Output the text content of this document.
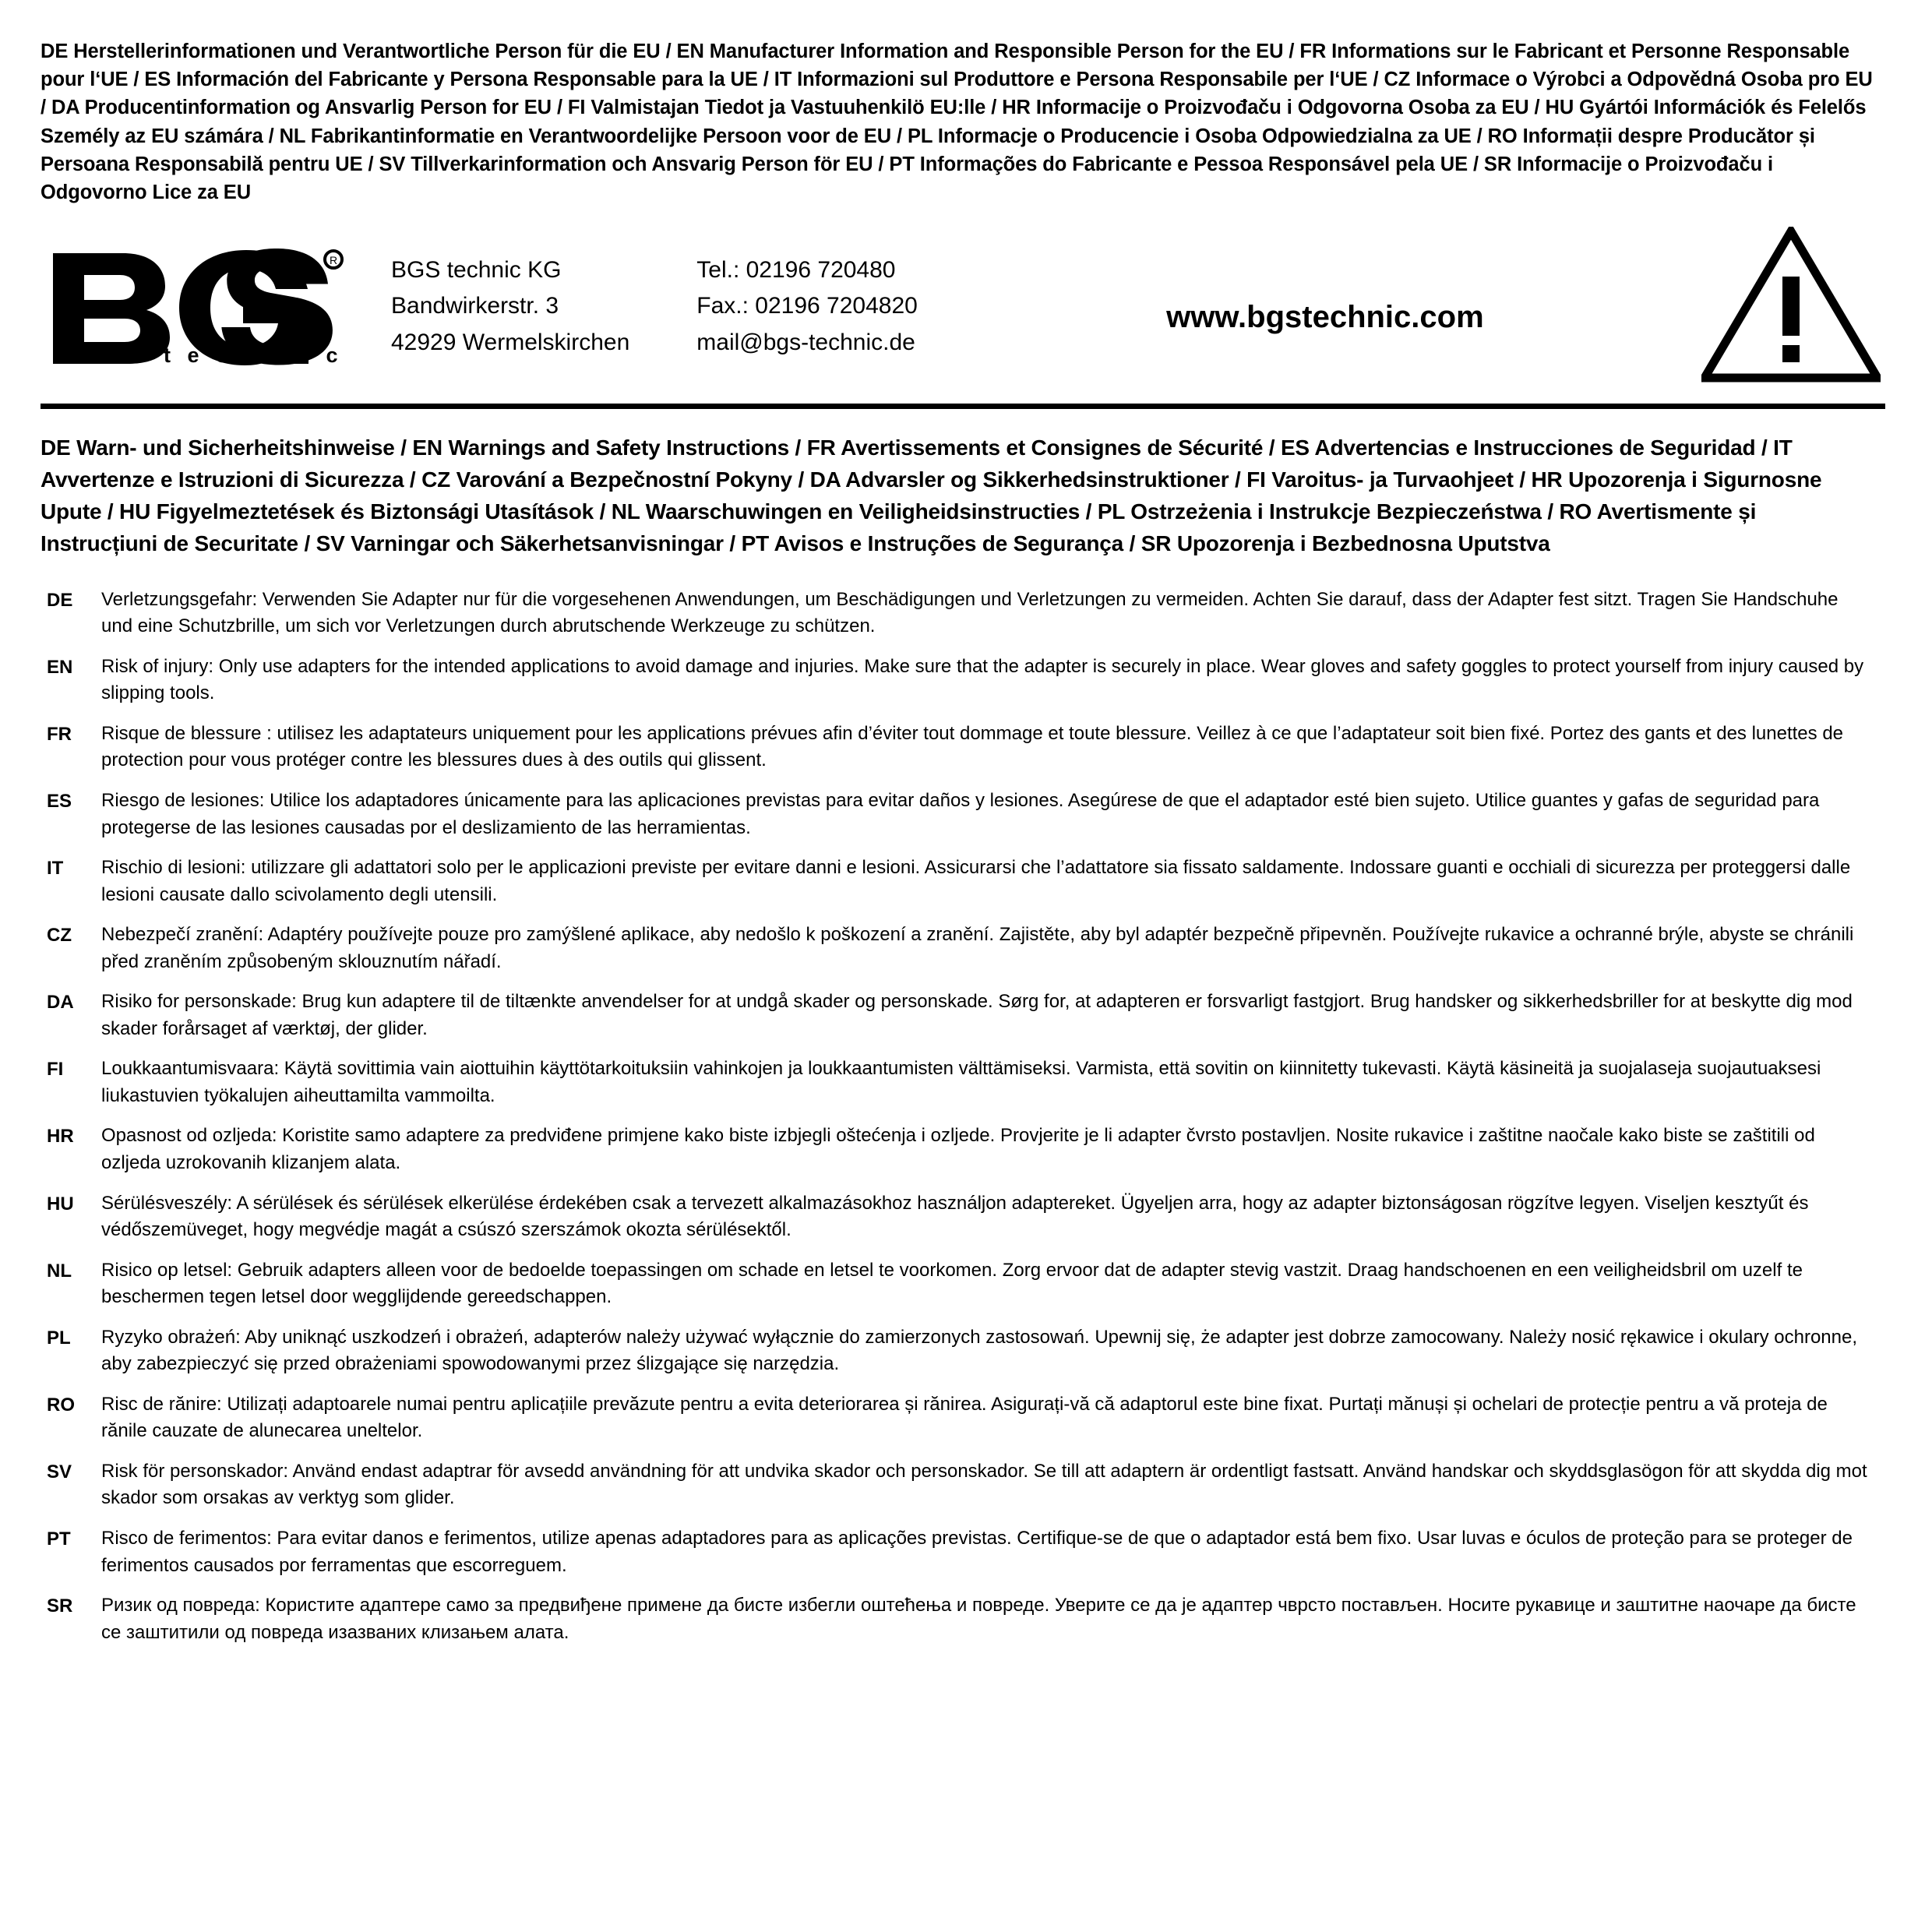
DE Herstellerinformationen und Verantwortliche Person für die EU / EN Manufacturer Information and Responsible Person for the EU / FR Informations sur le Fabricant et Personne Responsable pour l‘UE / ES Información del Fabricante y Persona Responsable para la UE / IT Informazioni sul Produttore e Persona Responsabile per l‘UE / CZ Informace o Výrobci a Odpovědná Osoba pro EU / DA Producentinformation og Ansvarlig Person for EU / FI Valmistajan Tiedot ja Vastuuhenkilö EU:lle / HR Informacije o Proizvođaču i Odgovorna Osoba za EU / HU Gyártói Információk és Felelős Személy az EU számára / NL Fabrikantinformatie en Verantwoordelijke Persoon voor de EU / PL Informacje o Producencie i Osoba Odpowiedzialna za UE / RO Informații despre Producător și Persoana Responsabilă pentru UE / SV Tillverkarinformation och Ansvarig Person för EU / PT Informações do Fabricante e Pessoa Responsável pela UE / SR Informacije o Proizvođaču i Odgovorno Lice za EU
R
t e c h n i c
BGS technic KG
Bandwirkerstr. 3
42929 Wermelskirchen
Tel.: 02196 720480
Fax.: 02196 7204820
mail@bgs-technic.de
www.bgstechnic.com
DE Warn- und Sicherheitshinweise / EN Warnings and Safety Instructions / FR Avertissements et Consignes de Sécurité / ES Advertencias e Instrucciones de Seguridad / IT Avvertenze e Istruzioni di Sicurezza / CZ Varování a Bezpečnostní Pokyny / DA Advarsler og Sikkerhedsinstruktioner / FI Varoitus- ja Turvaohjeet / HR Upozorenja i Sigurnosne Upute / HU Figyelmeztetések és Biztonsági Utasítások / NL Waarschuwingen en Veiligheidsinstructies / PL Ostrzeżenia i Instrukcje Bezpieczeństwa / RO Avertismente și Instrucțiuni de Securitate / SV Varningar och Säkerhetsanvisningar / PT Avisos e Instruções de Segurança / SR Upozorenja i Bezbednosna Uputstva
DE	Verletzungsgefahr: Verwenden Sie Adapter nur für die vorgesehenen Anwendungen, um Beschädigungen und Verletzungen zu vermeiden. Achten Sie darauf, dass der Adapter fest sitzt. Tragen Sie Handschuhe und eine Schutzbrille, um sich vor Verletzungen durch abrutschende Werkzeuge zu schützen.
EN	Risk of injury: Only use adapters for the intended applications to avoid damage and injuries. Make sure that the adapter is securely in place. Wear gloves and safety goggles to protect yourself from injury caused by slipping tools.
FR	Risque de blessure : utilisez les adaptateurs uniquement pour les applications prévues afin d’éviter tout dommage et toute blessure. Veillez à ce que l’adaptateur soit bien fixé. Portez des gants et des lunettes de protection pour vous protéger contre les blessures dues à des outils qui glissent.
ES	Riesgo de lesiones: Utilice los adaptadores únicamente para las aplicaciones previstas para evitar daños y lesiones. Asegúrese de que el adaptador esté bien sujeto. Utilice guantes y gafas de seguridad para protegerse de las lesiones causadas por el deslizamiento de las herramientas.
IT	Rischio di lesioni: utilizzare gli adattatori solo per le applicazioni previste per evitare danni e lesioni. Assicurarsi che l’adattatore sia fissato saldamente. Indossare guanti e occhiali di sicurezza per proteggersi dalle lesioni causate dallo scivolamento degli utensili.
CZ	Nebezpečí zranění: Adaptéry používejte pouze pro zamýšlené aplikace, aby nedošlo k poškození a zranění. Zajistěte, aby byl adaptér bezpečně připevněn. Používejte rukavice a ochranné brýle, abyste se chránili před zraněním způsobeným sklouznutím nářadí.
DA	Risiko for personskade: Brug kun adaptere til de tiltænkte anvendelser for at undgå skader og personskade. Sørg for, at adapteren er forsvarligt fastgjort. Brug handsker og sikkerhedsbriller for at beskytte dig mod skader forårsaget af værktøj, der glider.
FI	Loukkaantumisvaara: Käytä sovittimia vain aiottuihin käyttötarkoituksiin vahinkojen ja loukkaantumisten välttämiseksi. Varmista, että sovitin on kiinnitetty tukevasti. Käytä käsineitä ja suojalaseja suojautuaksesi liukastuvien työkalujen aiheuttamilta vammoilta.
HR	Opasnost od ozljeda: Koristite samo adaptere za predviđene primjene kako biste izbjegli oštećenja i ozljede. Provjerite je li adapter čvrsto postavljen. Nosite rukavice i zaštitne naočale kako biste se zaštitili od ozljeda uzrokovanih klizanjem alata.
HU	Sérülésveszély: A sérülések és sérülések elkerülése érdekében csak a tervezett alkalmazásokhoz használjon adaptereket. Ügyeljen arra, hogy az adapter biztonságosan rögzítve legyen. Viseljen kesztyűt és védőszemüveget, hogy megvédje magát a csúszó szerszámok okozta sérülésektől.
NL	Risico op letsel: Gebruik adapters alleen voor de bedoelde toepassingen om schade en letsel te voorkomen. Zorg ervoor dat de adapter stevig vastzit. Draag handschoenen en een veiligheidsbril om uzelf te beschermen tegen letsel door wegglijdende gereedschappen.
PL	Ryzyko obrażeń: Aby uniknąć uszkodzeń i obrażeń, adapterów należy używać wyłącznie do zamierzonych zastosowań. Upewnij się, że adapter jest dobrze zamocowany. Należy nosić rękawice i okulary ochronne, aby zabezpieczyć się przed obrażeniami spowodowanymi przez ślizgające się narzędzia.
RO	Risc de rănire: Utilizați adaptoarele numai pentru aplicațiile prevăzute pentru a evita deteriorarea și rănirea. Asigurați-vă că adaptorul este bine fixat. Purtați mănuși și ochelari de protecție pentru a vă proteja de rănile cauzate de alunecarea uneltelor.
SV	Risk för personskador: Använd endast adaptrar för avsedd användning för att undvika skador och personskador. Se till att adaptern är ordentligt fastsatt. Använd handskar och skyddsglasögon för att skydda dig mot skador som orsakas av verktyg som glider.
PT	Risco de ferimentos: Para evitar danos e ferimentos, utilize apenas adaptadores para as aplicações previstas. Certifique-se de que o adaptador está bem fixo. Usar luvas e óculos de proteção para se proteger de ferimentos causados por ferramentas que escorreguem.
SR	Ризик од повреда: Користите адаптере само за предвиђене примене да бисте избегли оштећења и повреде. Уверите се да је адаптер чврсто постављен. Носите рукавице и заштитне наочаре да бисте се заштитили од повреда изазваних клизањем алата.
